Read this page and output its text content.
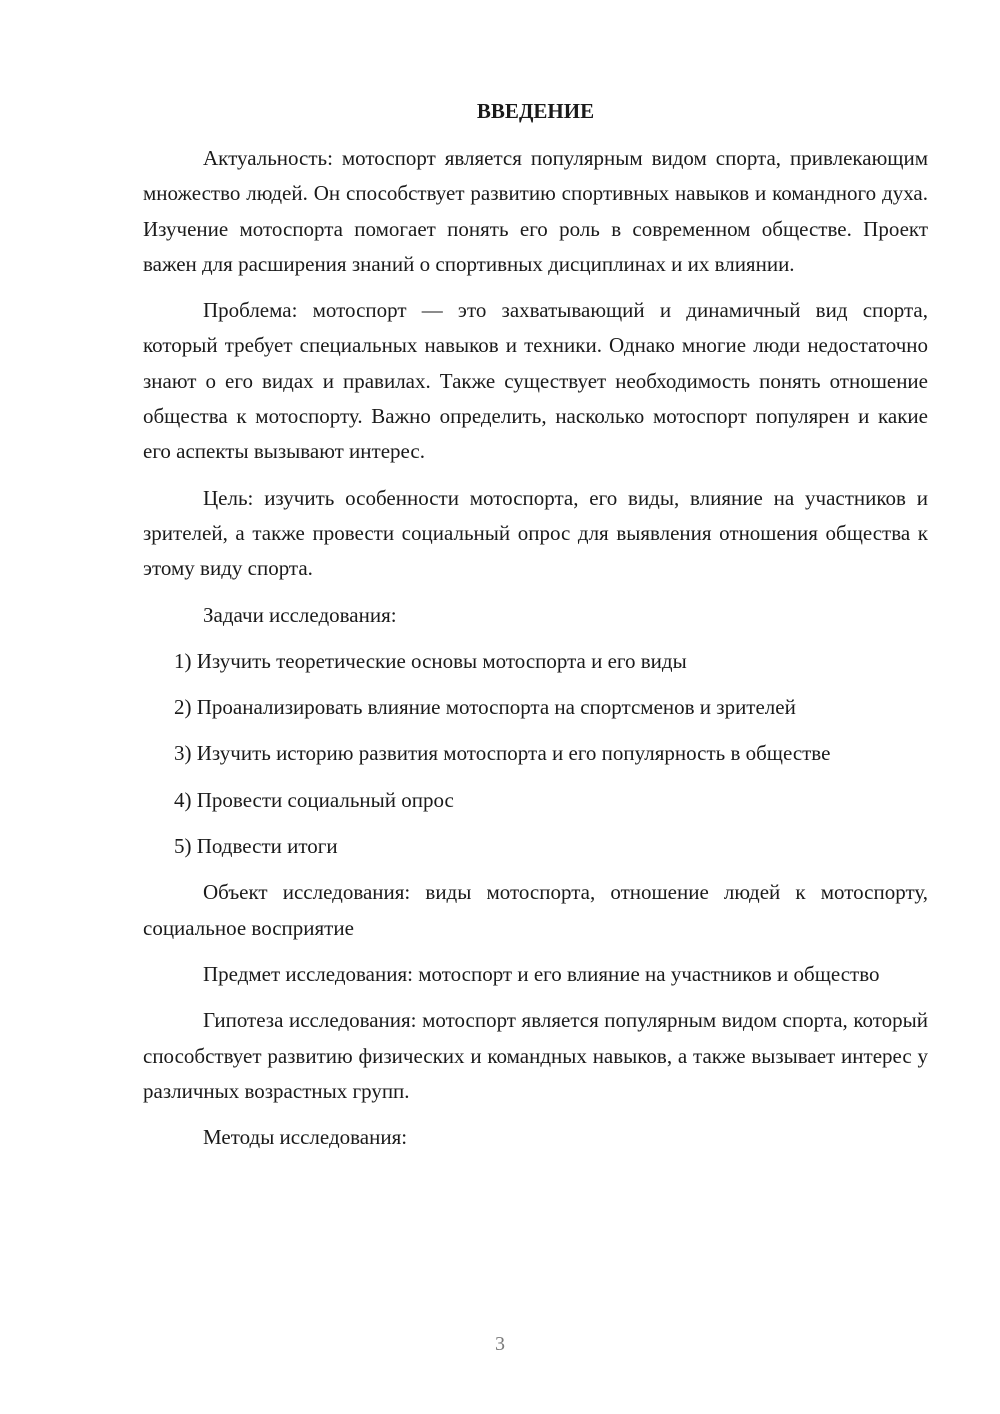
ВВЕДЕНИЕ

Актуальность: мотоспорт является популярным видом спорта, привлекающим множество людей. Он способствует развитию спортивных навыков и командного духа. Изучение мотоспорта помогает понять его роль в современном обществе. Проект важен для расширения знаний о спортивных дисциплинах и их влиянии.

Проблема: мотоспорт — это захватывающий и динамичный вид спорта, который требует специальных навыков и техники. Однако многие люди недостаточно знают о его видах и правилах. Также существует необходимость понять отношение общества к мотоспорту. Важно определить, насколько мотоспорт популярен и какие его аспекты вызывают интерес.

Цель: изучить особенности мотоспорта, его виды, влияние на участников и зрителей, а также провести социальный опрос для выявления отношения общества к этому виду спорта.

Задачи исследования:

1) Изучить теоретические основы мотоспорта и его виды

2) Проанализировать влияние мотоспорта на спортсменов и зрителей

3) Изучить историю развития мотоспорта и его популярность в обществе

4) Провести социальный опрос

5) Подвести итоги

Объект исследования: виды мотоспорта, отношение людей к мотоспорту, социальное восприятие

Предмет исследования: мотоспорт и его влияние на участников и общество

Гипотеза исследования: мотоспорт является популярным видом спорта, который способствует развитию физических и командных навыков, а также вызывает интерес у различных возрастных групп.

Методы исследования:

3
